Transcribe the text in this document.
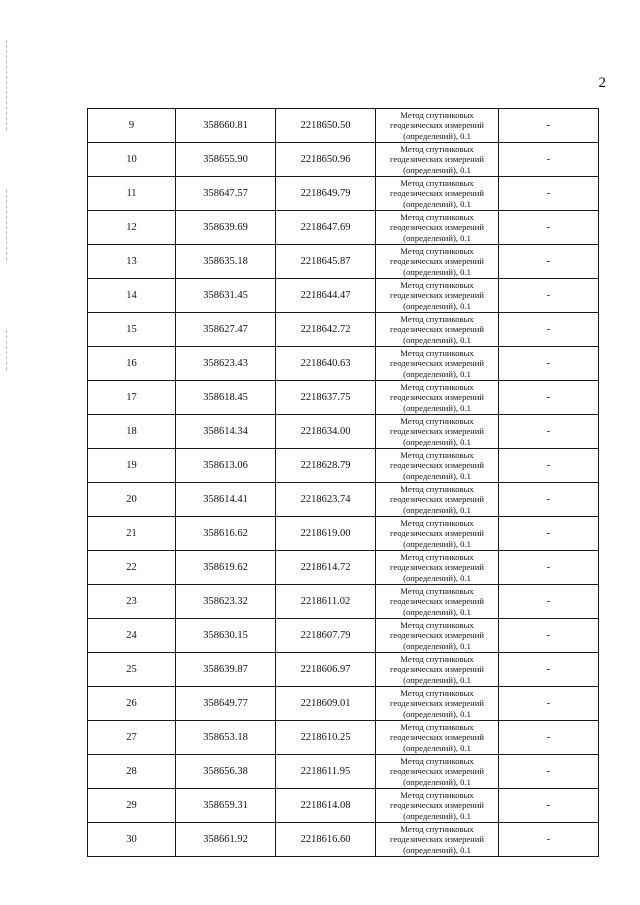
2
9	358660.81	2218650.50	Метод спутниковых
геодезических измерений
(определений), 0.1	-
10	358655.90	2218650.96	Метод спутниковых
геодезических измерений
(определений), 0.1	-
11	358647.57	2218649.79	Метод спутниковых
геодезических измерений
(определений), 0.1	-
12	358639.69	2218647.69	Метод спутниковых
геодезических измерений
(определений), 0.1	-
13	358635.18	2218645.87	Метод спутниковых
геодезических измерений
(определений), 0.1	-
14	358631.45	2218644.47	Метод спутниковых
геодезических измерений
(определений), 0.1	-
15	358627.47	2218642.72	Метод спутниковых
геодезических измерений
(определений), 0.1	-
16	358623.43	2218640.63	Метод спутниковых
геодезических измерений
(определений), 0.1	-
17	358618.45	2218637.75	Метод спутниковых
геодезических измерений
(определений), 0.1	-
18	358614.34	2218634.00	Метод спутниковых
геодезических измерений
(определений), 0.1	-
19	358613.06	2218628.79	Метод спутниковых
геодезических измерений
(определений), 0.1	-
20	358614.41	2218623.74	Метод спутниковых
геодезических измерений
(определений), 0.1	-
21	358616.62	2218619.00	Метод спутниковых
геодезических измерений
(определений), 0.1	-
22	358619.62	2218614.72	Метод спутниковых
геодезических измерений
(определений), 0.1	-
23	358623.32	2218611.02	Метод спутниковых
геодезических измерений
(определений), 0.1	-
24	358630.15	2218607.79	Метод спутниковых
геодезических измерений
(определений), 0.1	-
25	358639.87	2218606.97	Метод спутниковых
геодезических измерений
(определений), 0.1	-
26	358649.77	2218609.01	Метод спутниковых
геодезических измерений
(определений), 0.1	-
27	358653.18	2218610.25	Метод спутниковых
геодезических измерений
(определений), 0.1	-
28	358656.38	2218611.95	Метод спутниковых
геодезических измерений
(определений), 0.1	-
29	358659.31	2218614.08	Метод спутниковых
геодезических измерений
(определений), 0.1	-
30	358661.92	2218616.60	Метод спутниковых
геодезических измерений
(определений), 0.1	-
